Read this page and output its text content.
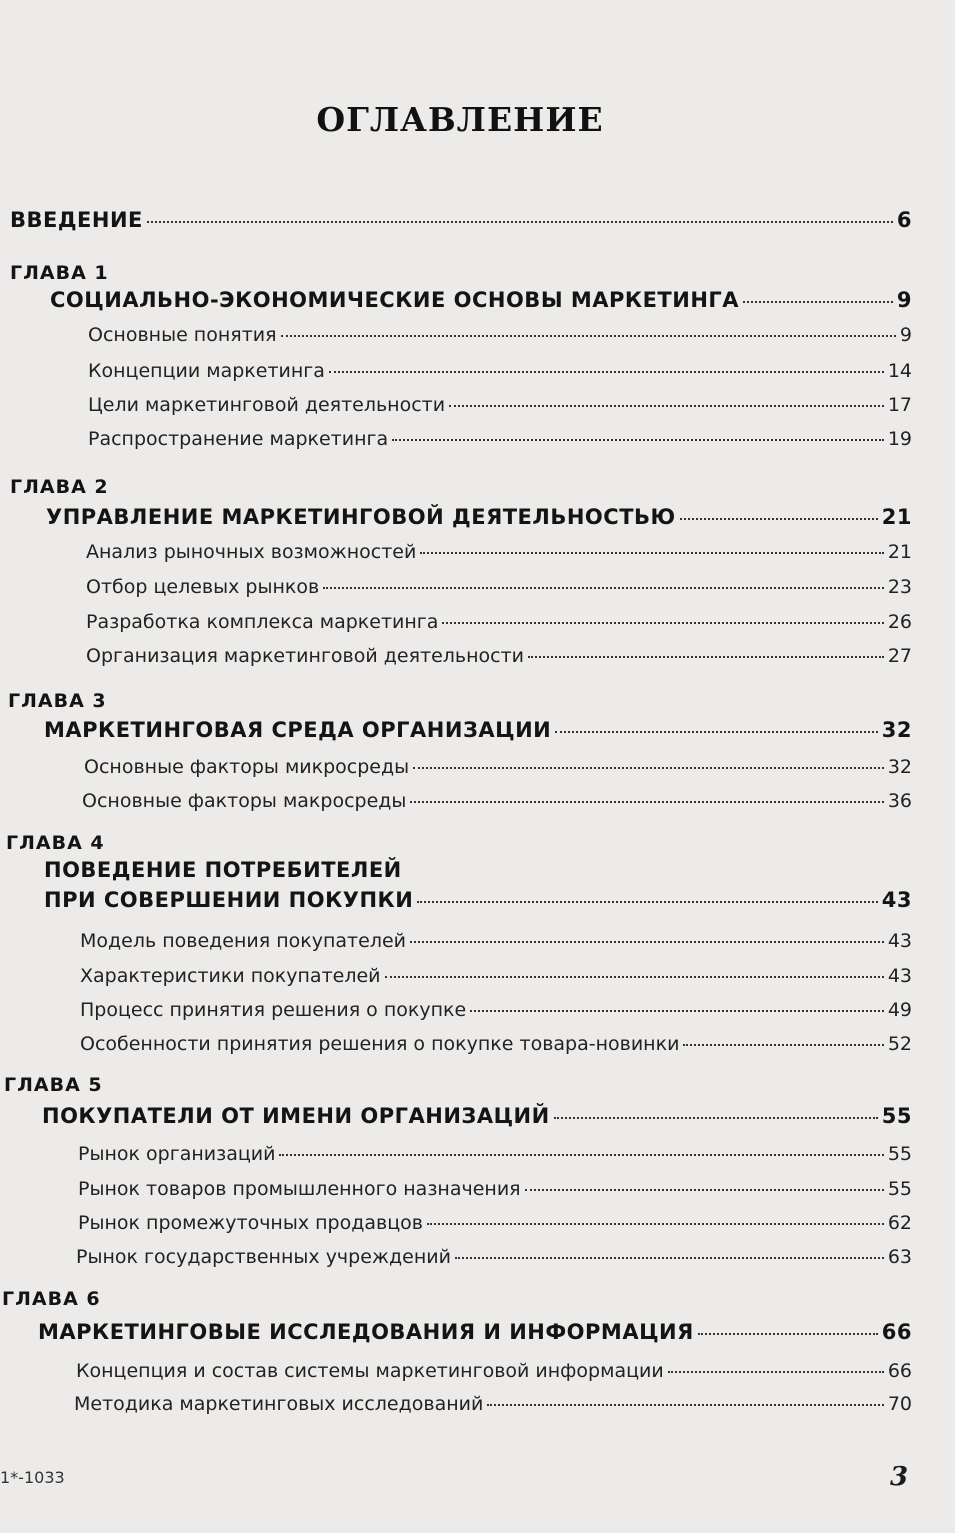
ОГЛАВЛЕНИЕ
ВВЕДЕНИЕ	6
ГЛАВА 1
СОЦИАЛЬНО-ЭКОНОМИЧЕСКИЕ ОСНОВЫ МАРКЕТИНГА	9
Основные понятия	9
Концепции маркетинга	14
Цели маркетинговой деятельности	17
Распространение маркетинга	19
ГЛАВА 2
УПРАВЛЕНИЕ МАРКЕТИНГОВОЙ ДЕЯТЕЛЬНОСТЬЮ	21
Анализ рыночных возможностей	21
Отбор целевых рынков	23
Разработка комплекса маркетинга	26
Организация маркетинговой деятельности	27
ГЛАВА 3
МАРКЕТИНГОВАЯ СРЕДА ОРГАНИЗАЦИИ	32
Основные факторы микросреды	32
Основные факторы макросреды	36
ГЛАВА 4
ПОВЕДЕНИЕ ПОТРЕБИТЕЛЕЙ
ПРИ СОВЕРШЕНИИ ПОКУПКИ	43
Модель поведения покупателей	43
Характеристики покупателей	43
Процесс принятия решения о покупке	49
Особенности принятия решения о покупке товара-новинки	52
ГЛАВА 5
ПОКУПАТЕЛИ ОТ ИМЕНИ ОРГАНИЗАЦИЙ	55
Рынок организаций	55
Рынок товаров промышленного назначения	55
Рынок промежуточных продавцов	62
Рынок государственных учреждений	63
ГЛАВА 6
МАРКЕТИНГОВЫЕ ИССЛЕДОВАНИЯ И ИНФОРМАЦИЯ	66
Концепция и состав системы маркетинговой информации	66
Методика маркетинговых исследований	70
1*-1033	3
